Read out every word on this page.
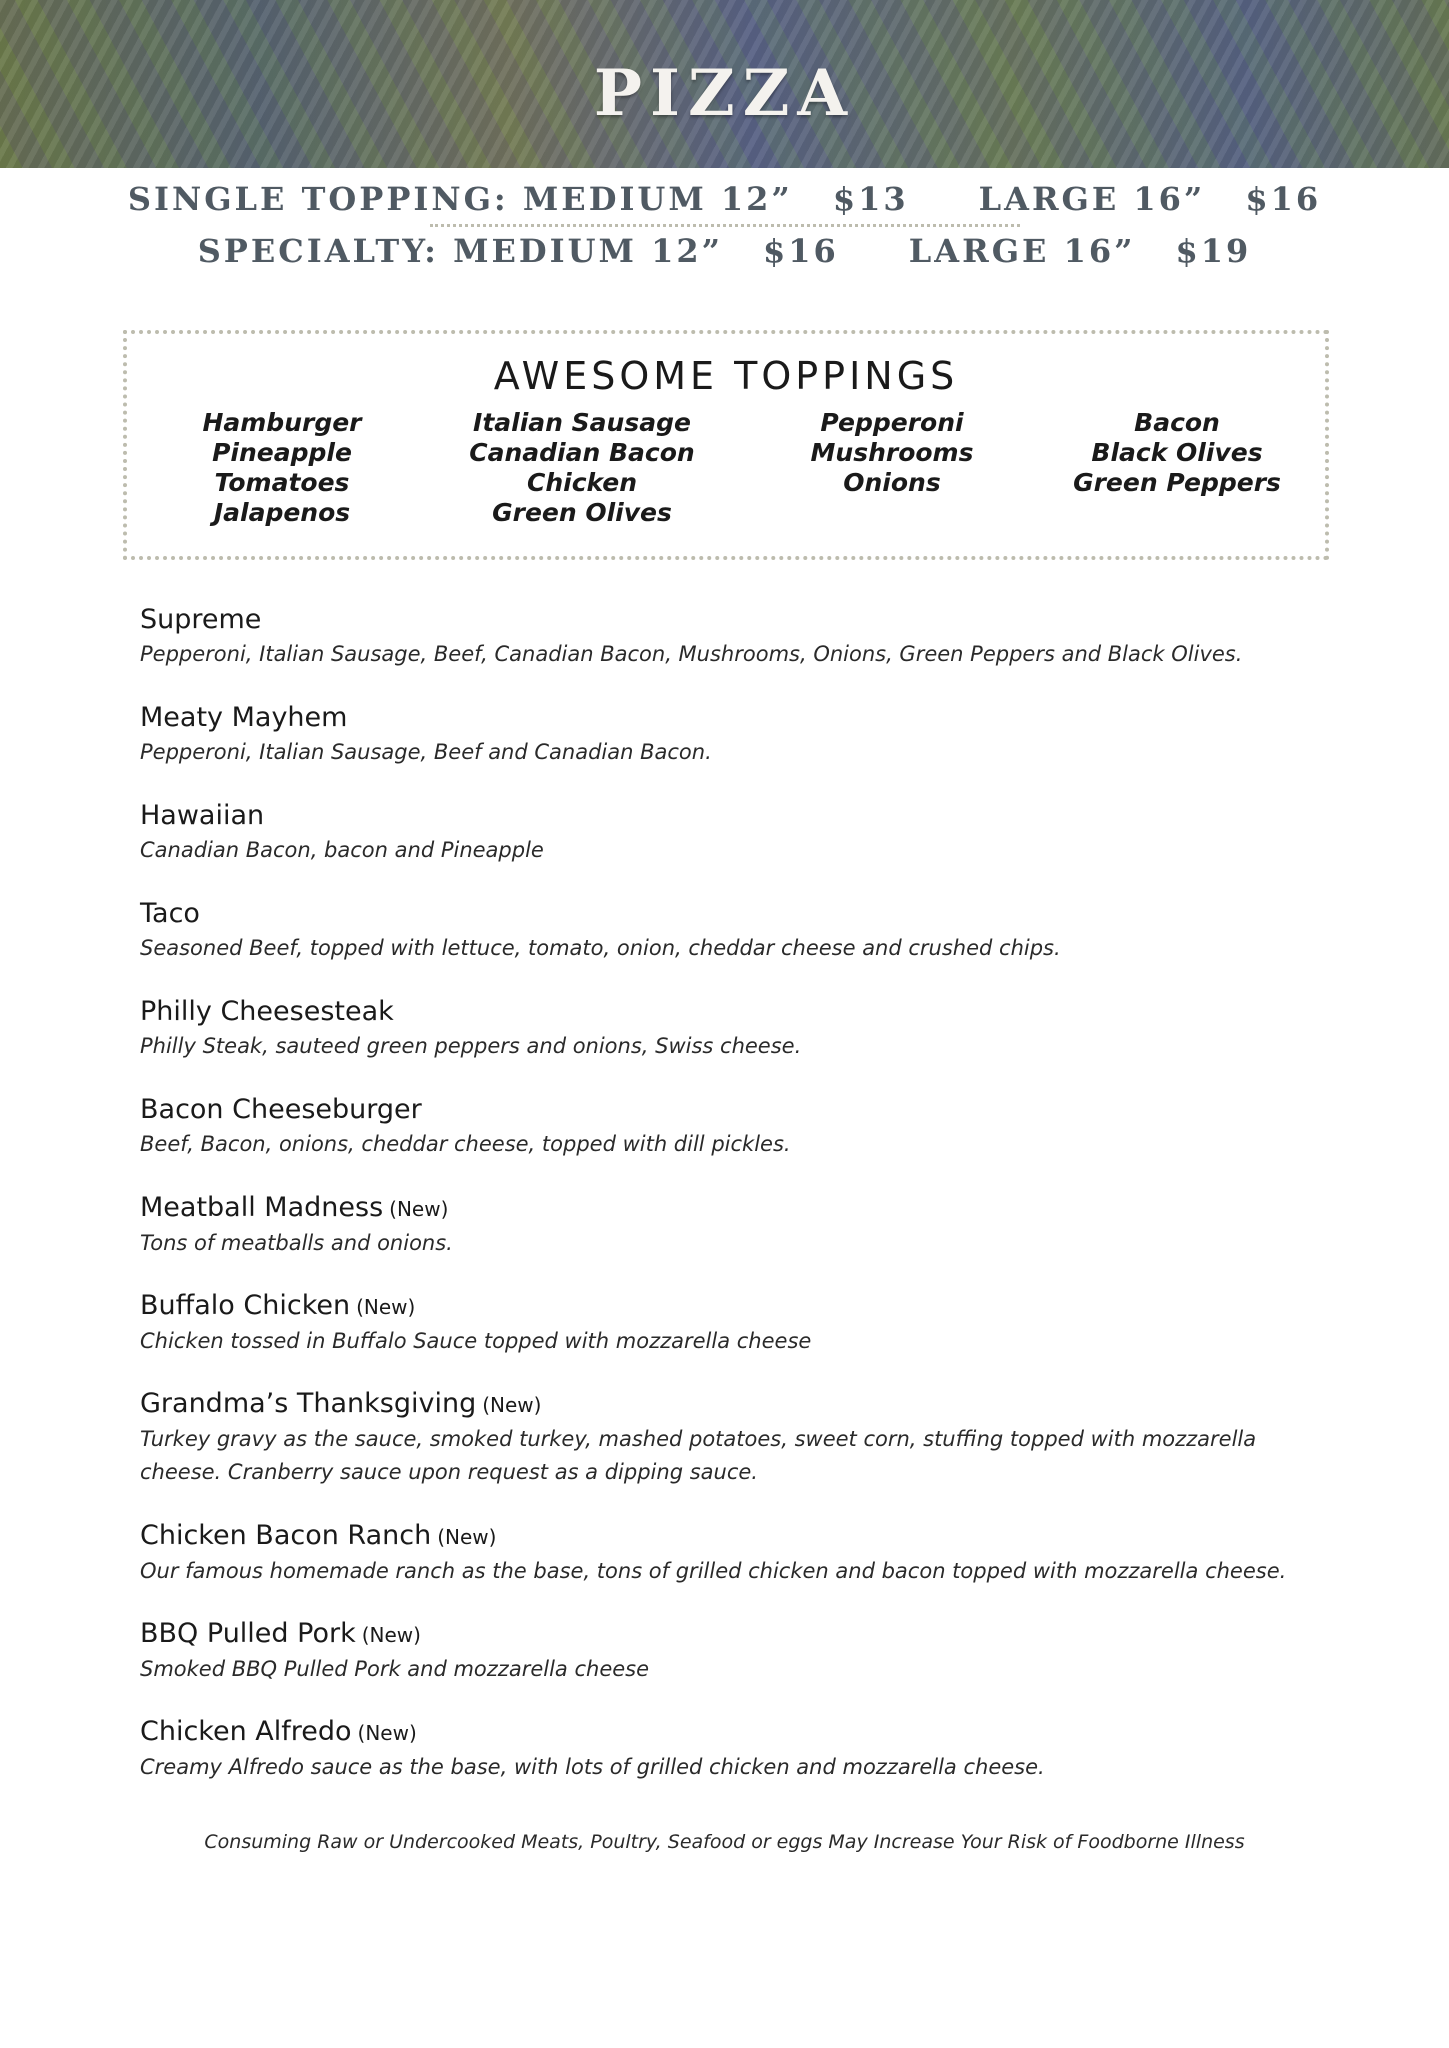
PIZZA
SINGLE TOPPING: MEDIUM 12” $13 LARGE 16” $16
SPECIALTY: MEDIUM 12” $16 LARGE 16” $19
AWESOME TOPPINGS
Hamburger
Pineapple
Tomatoes
Jalapenos
Italian Sausage
Canadian Bacon
Chicken
Green Olives
Pepperoni
Mushrooms
Onions
Bacon
Black Olives
Green Peppers
Supreme
Pepperoni, Italian Sausage, Beef, Canadian Bacon, Mushrooms, Onions, Green Peppers and Black Olives.
Meaty Mayhem
Pepperoni, Italian Sausage, Beef and Canadian Bacon.
Hawaiian
Canadian Bacon, bacon and Pineapple
Taco
Seasoned Beef, topped with lettuce, tomato, onion, cheddar cheese and crushed chips.
Philly Cheesesteak
Philly Steak, sauteed green peppers and onions, Swiss cheese.
Bacon Cheeseburger
Beef, Bacon, onions, cheddar cheese, topped with dill pickles.
Meatball Madness (New)
Tons of meatballs and onions.
Buffalo Chicken (New)
Chicken tossed in Buffalo Sauce topped with mozzarella cheese
Grandma’s Thanksgiving (New)
Turkey gravy as the sauce, smoked turkey, mashed potatoes, sweet corn, stuffing topped with mozzarella cheese. Cranberry sauce upon request as a dipping sauce.
Chicken Bacon Ranch (New)
Our famous homemade ranch as the base, tons of grilled chicken and bacon topped with mozzarella cheese.
BBQ Pulled Pork (New)
Smoked BBQ Pulled Pork and mozzarella cheese
Chicken Alfredo (New)
Creamy Alfredo sauce as the base, with lots of grilled chicken and mozzarella cheese.
Consuming Raw or Undercooked Meats, Poultry, Seafood or eggs May Increase Your Risk of Foodborne Illness
